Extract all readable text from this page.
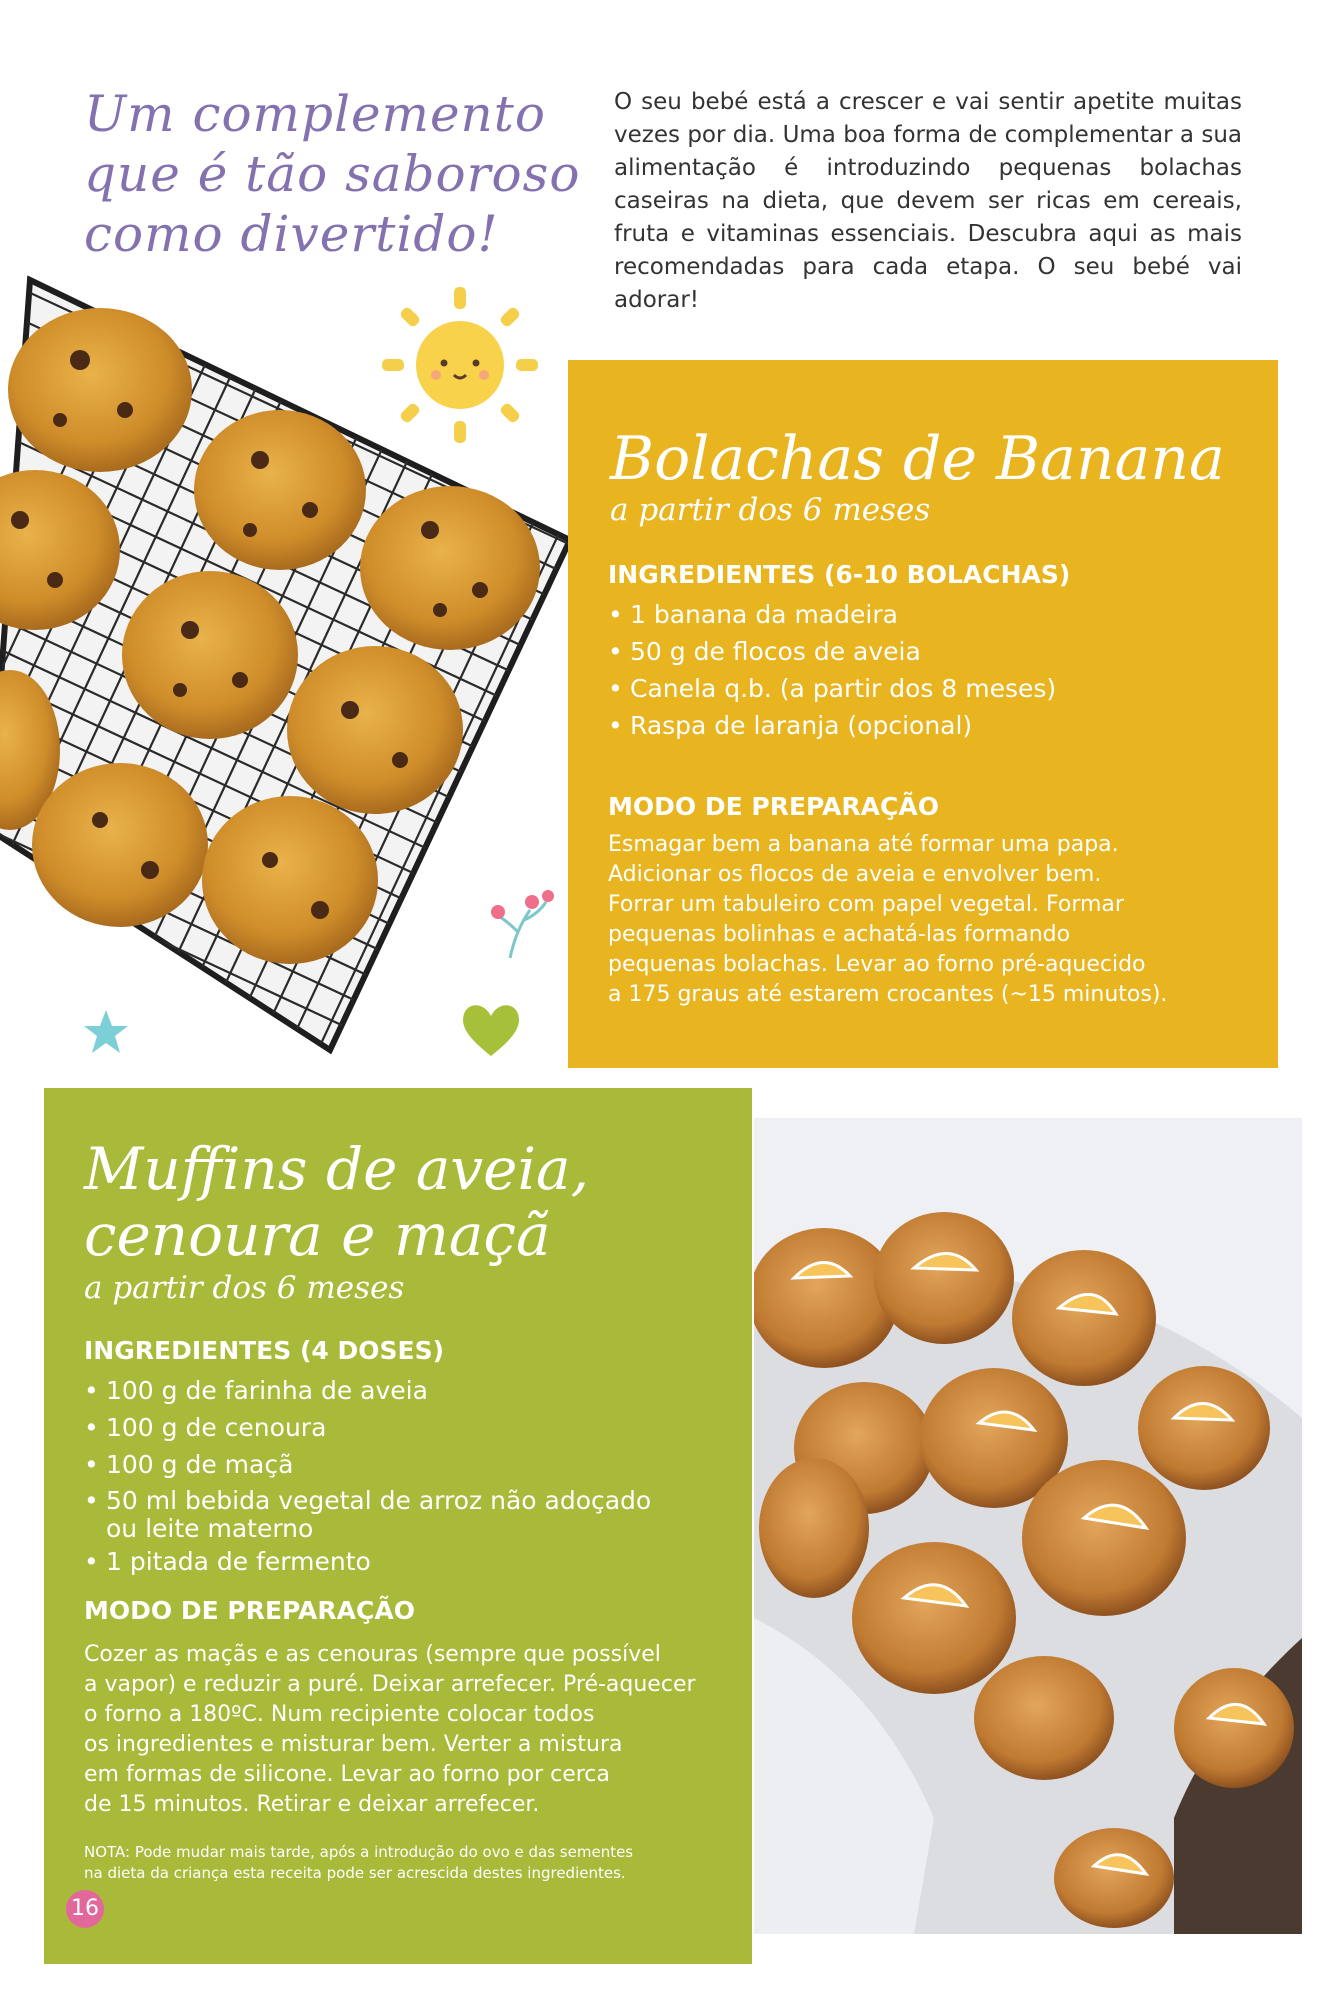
Um complemento
que é tão saboroso
como divertido!
O seu bebé está a crescer e vai sentir apetite muitas vezes por dia. Uma boa forma de complementar a sua alimentação é introduzindo pequenas bolachas caseiras na dieta, que devem ser ricas em cereais, fruta e vitaminas essenciais. Descubra aqui as mais recomendadas para cada etapa. O seu bebé vai adorar!
Bolachas de Banana
a partir dos 6 meses
INGREDIENTES (6-10 BOLACHAS)
• 1 banana da madeira
• 50 g de flocos de aveia
• Canela q.b. (a partir dos 8 meses)
• Raspa de laranja (opcional)
MODO DE PREPARAÇÃO
Esmagar bem a banana até formar uma papa.
Adicionar os flocos de aveia e envolver bem.
Forrar um tabuleiro com papel vegetal. Formar
pequenas bolinhas e achatá-las formando
pequenas bolachas. Levar ao forno pré-aquecido
a 175 graus até estarem crocantes (~15 minutos).
Muffins de aveia,
cenoura e maçã
a partir dos 6 meses
INGREDIENTES (4 DOSES)
• 100 g de farinha de aveia
• 100 g de cenoura
• 100 g de maçã
• 50 ml bebida vegetal de arroz não adoçado
ou leite materno
• 1 pitada de fermento
MODO DE PREPARAÇÃO
Cozer as maçãs e as cenouras (sempre que possível
a vapor) e reduzir a puré. Deixar arrefecer. Pré-aquecer
o forno a 180ºC. Num recipiente colocar todos
os ingredientes e misturar bem. Verter a mistura
em formas de silicone. Levar ao forno por cerca
de 15 minutos. Retirar e deixar arrefecer.
NOTA: Pode mudar mais tarde, após a introdução do ovo e das sementes
na dieta da criança esta receita pode ser acrescida destes ingredientes.
16
